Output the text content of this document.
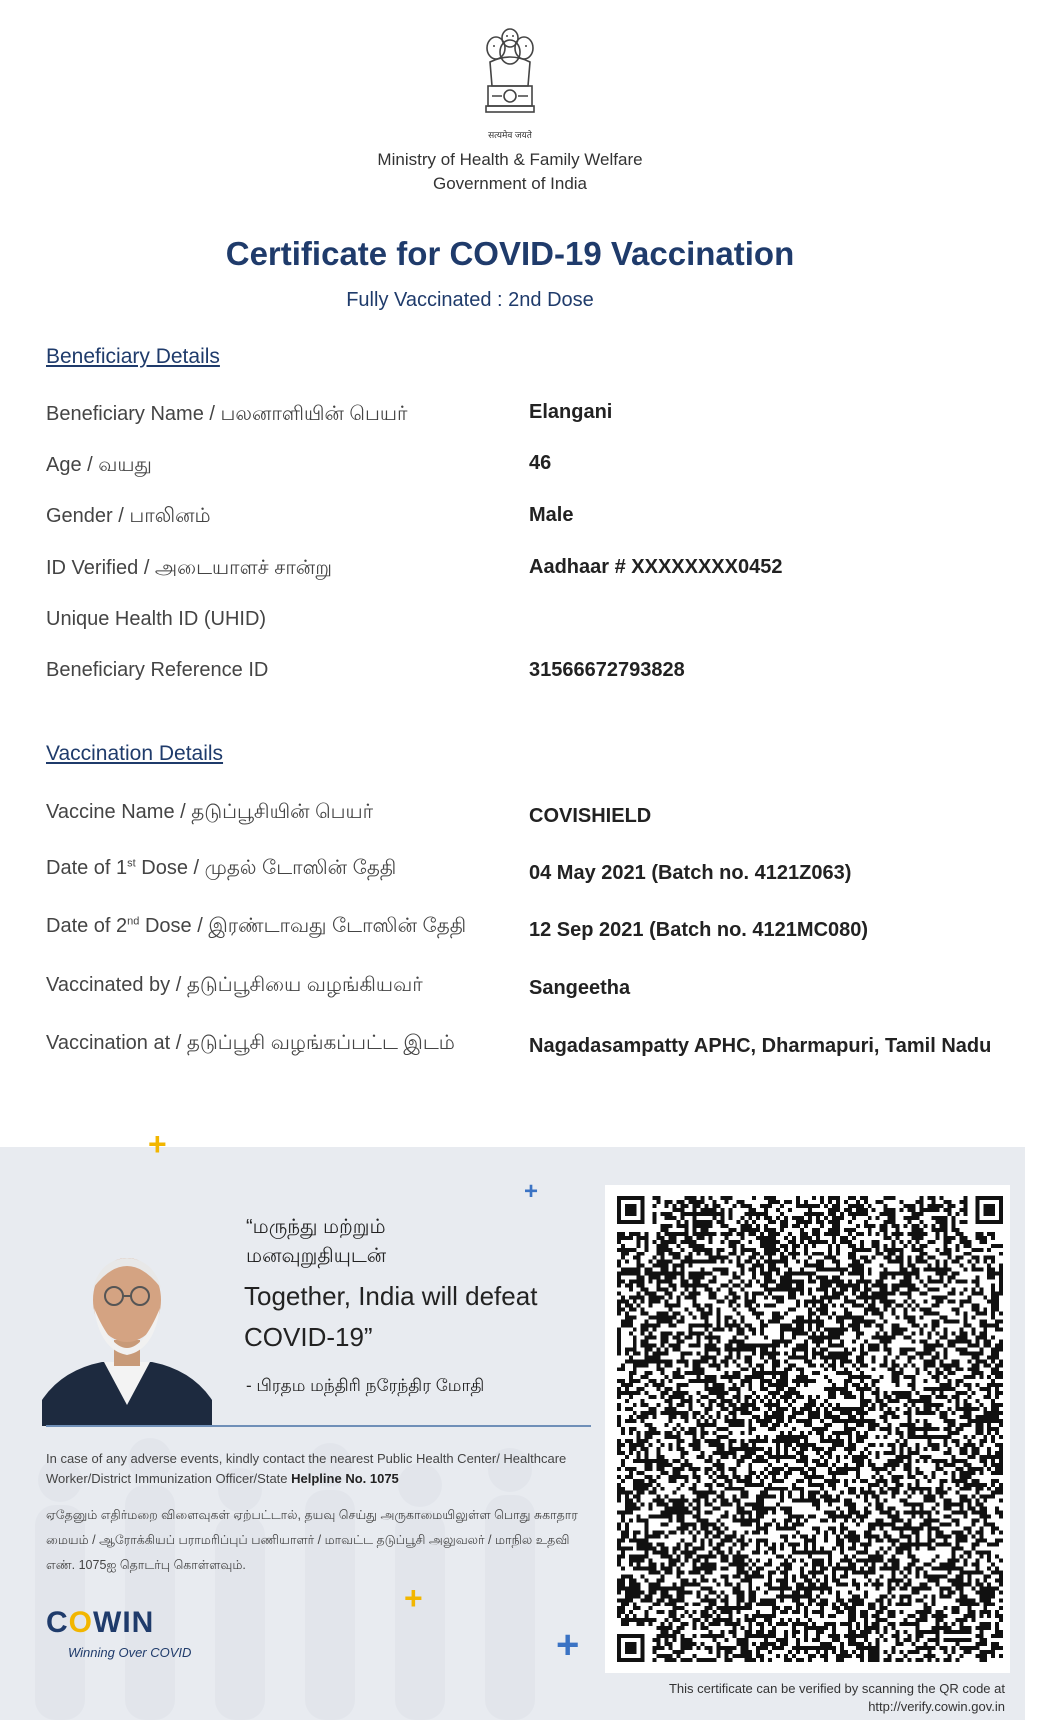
सत्यमेव जयते
Ministry of Health & Family Welfare
Government of India
Certificate for COVID-19 Vaccination
Fully Vaccinated : 2nd Dose
Beneficiary Details
Beneficiary Name / பலனாளியின் பெயர்	Elangani
Age / வயது	46
Gender / பாலினம்	Male
ID Verified / அடையாளச் சான்று	Aadhaar # XXXXXXXX0452
Unique Health ID (UHID)
Beneficiary Reference ID	31566672793828
Vaccination Details
Vaccine Name / தடுப்பூசியின் பெயர்	COVISHIELD
Date of 1st Dose / முதல் டோஸின் தேதி	04 May 2021 (Batch no. 4121Z063)
Date of 2nd Dose / இரண்டாவது டோஸின் தேதி	12 Sep 2021 (Batch no. 4121MC080)
Vaccinated by / தடுப்பூசியை வழங்கியவர்	Sangeetha
Vaccination at / தடுப்பூசி வழங்கப்பட்ட இடம்	Nagadasampatty APHC, Dharmapuri, Tamil Nadu
+
+
+
+
“மருந்து மற்றும்
மனவுறுதியுடன்
Together, India will defeat
COVID-19”
- பிரதம மந்திரி நரேந்திர மோதி
In case of any adverse events, kindly contact the nearest Public Health Center/ Healthcare Worker/District Immunization Officer/State Helpline No. 1075
ஏதேனும் எதிர்மறை விளைவுகள் ஏற்பட்டால், தயவு செய்து அருகாமையிலுள்ள பொது சுகாதார மையம் / ஆரோக்கியப் பராமரிப்புப் பணியாளர் / மாவட்ட தடுப்பூசி அலுவலர் / மாநில உதவி எண். 1075ஐ தொடர்பு கொள்ளவும்.
COWIN
Winning Over COVID
This certificate can be verified by scanning the QR code at
http://verify.cowin.gov.in
